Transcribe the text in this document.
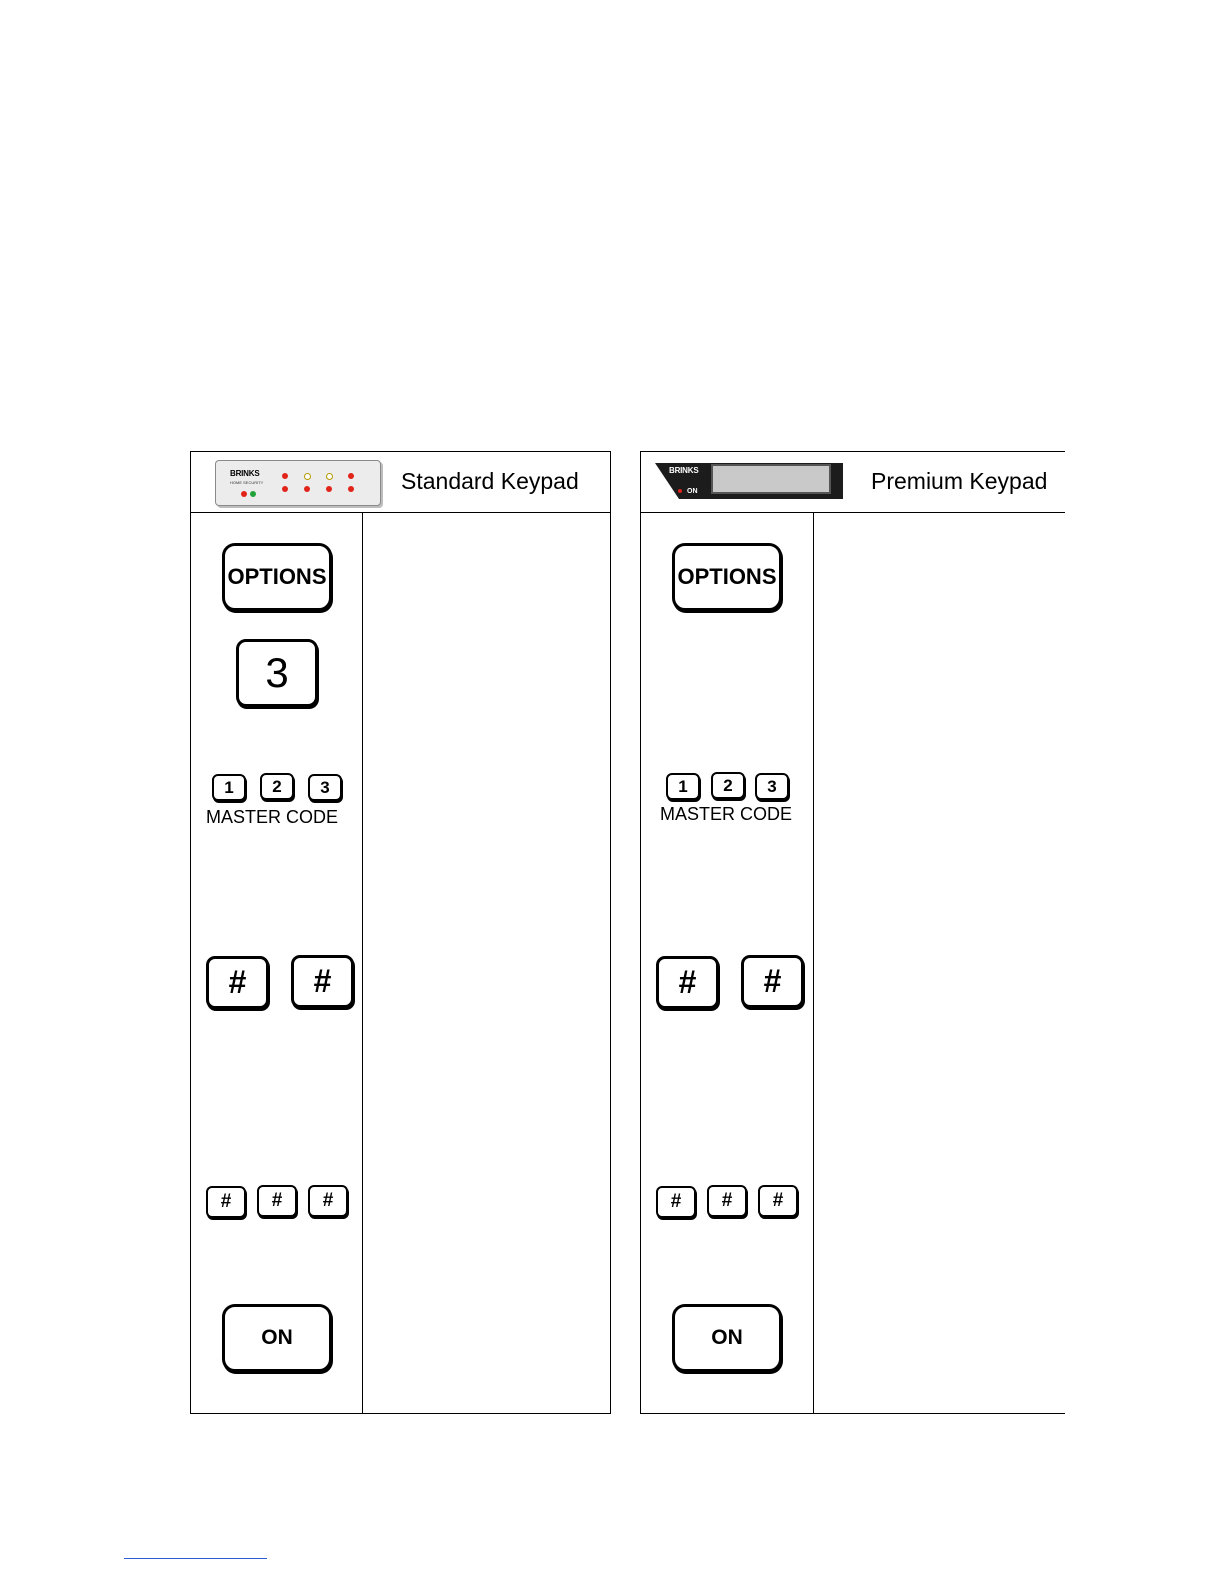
BRINKS
HOME SECURITY	Standard Keypad
OPTIONS
3
1	2	3
MASTER CODE
#	#
#	#	#
ON
BRINKS
ON	Premium Keypad
OPTIONS
1	2	3
MASTER CODE
#	#
#	#	#
ON
